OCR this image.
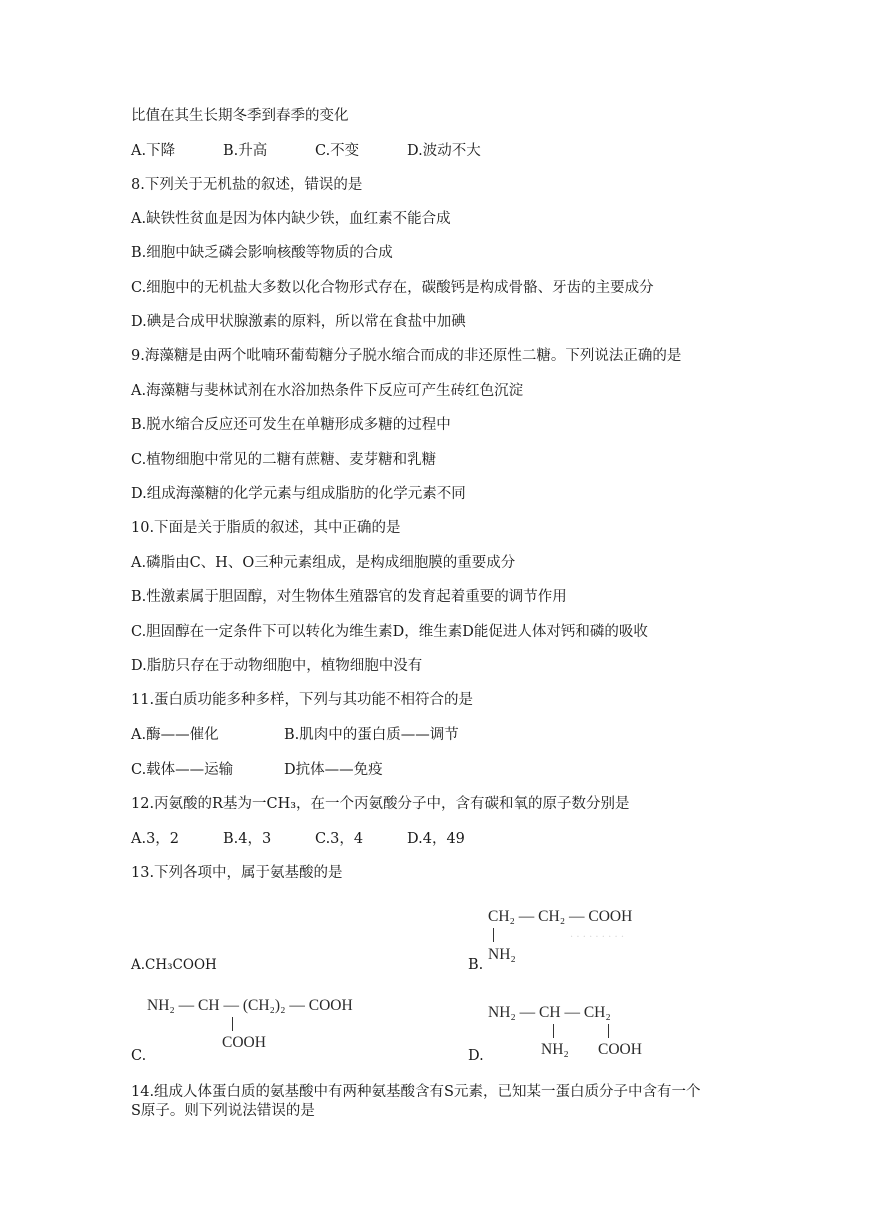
比值在其生长期冬季到春季的变化
A.下降	B.升高	C.不变	D.波动不大
8.下列关于无机盐的叙述，错误的是
A.缺铁性贫血是因为体内缺少铁，血红素不能合成
B.细胞中缺乏磷会影响核酸等物质的合成
C.细胞中的无机盐大多数以化合物形式存在，碳酸钙是构成骨骼、牙齿的主要成分
D.碘是合成甲状腺激素的原料，所以常在食盐中加碘
9.海藻糖是由两个吡喃环葡萄糖分子脱水缩合而成的非还原性二糖。下列说法正确的是
A.海藻糖与斐林试剂在水浴加热条件下反应可产生砖红色沉淀
B.脱水缩合反应还可发生在单糖形成多糖的过程中
C.植物细胞中常见的二糖有蔗糖、麦芽糖和乳糖
D.组成海藻糖的化学元素与组成脂肪的化学元素不同
10.下面是关于脂质的叙述，其中正确的是
A.磷脂由C、H、O三种元素组成，是构成细胞膜的重要成分
B.性激素属于胆固醇，对生物体生殖器官的发育起着重要的调节作用
C.胆固醇在一定条件下可以转化为维生素D，维生素D能促进人体对钙和磷的吸收
D.脂肪只存在于动物细胞中，植物细胞中没有
11.蛋白质功能多种多样，下列与其功能不相符合的是
A.酶——催化	B.肌肉中的蛋白质——调节
C.载体——运输	D抗体——免疫
12.丙氨酸的R基为一CH₃，在一个丙氨酸分子中，含有碳和氧的原子数分别是
A.3，2	B.4，3	C.3，4	D.4，49
13.下列各项中，属于氨基酸的是
A.CH₃COOH	B.
CH₂ — CH₂ — COOH
NH₂
· · · · · · · · ·
NH₂ — CH — (CH₂)₂ — COOH
COOH
C.
NH₂ — CH — CH₂
NH₂ COOH
D.
14.组成人体蛋白质的氨基酸中有两种氨基酸含有S元素，已知某一蛋白质分子中含有一个
S原子。则下列说法错误的是
